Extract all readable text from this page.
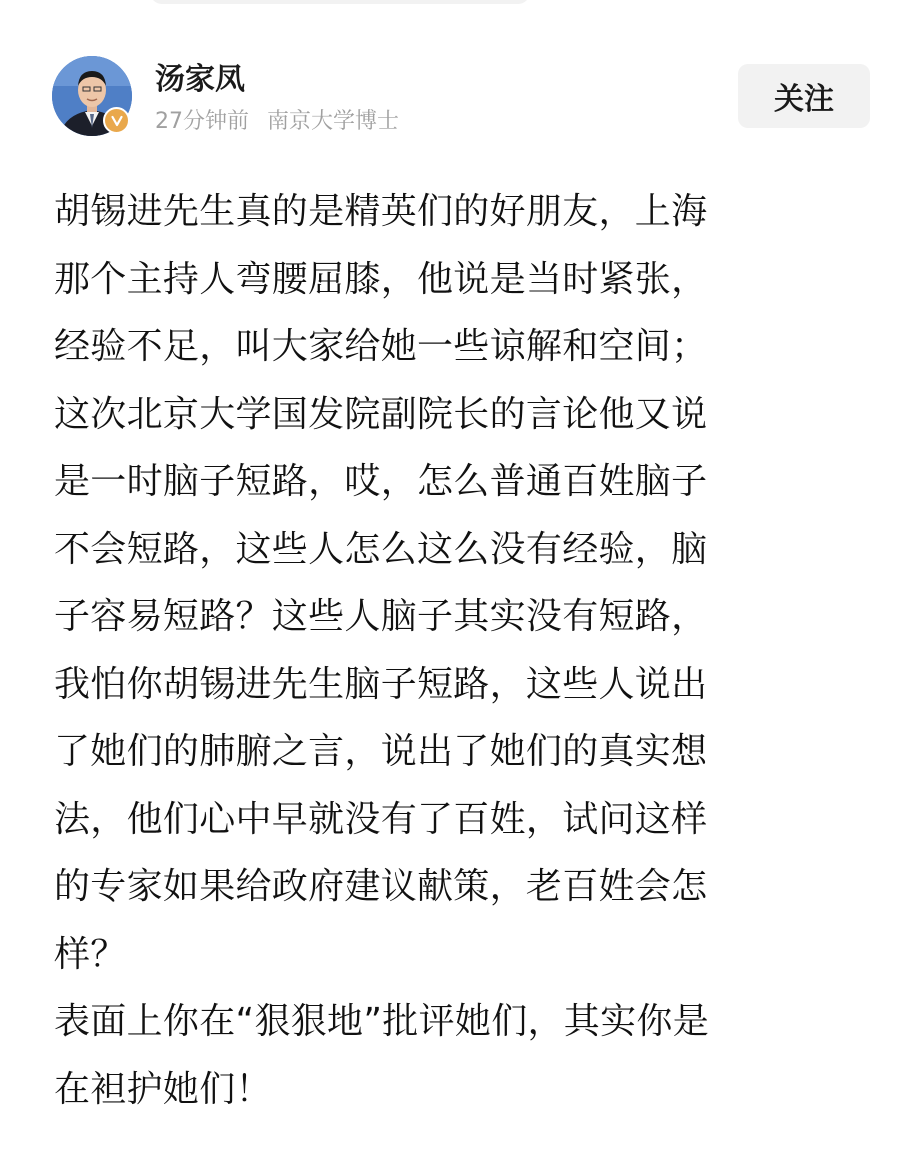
汤家凤
27分钟前 南京大学博士
关注
胡锡进先生真的是精英们的好朋友，上海
那个主持人弯腰屈膝，他说是当时紧张，
经验不足，叫大家给她一些谅解和空间；
这次北京大学国发院副院长的言论他又说
是一时脑子短路，哎，怎么普通百姓脑子
不会短路，这些人怎么这么没有经验，脑
子容易短路？这些人脑子其实没有短路，
我怕你胡锡进先生脑子短路，这些人说出
了她们的肺腑之言，说出了她们的真实想
法，他们心中早就没有了百姓，试问这样
的专家如果给政府建议献策，老百姓会怎
样？
表面上你在“狠狠地”批评她们，其实你是
在袒护她们！
